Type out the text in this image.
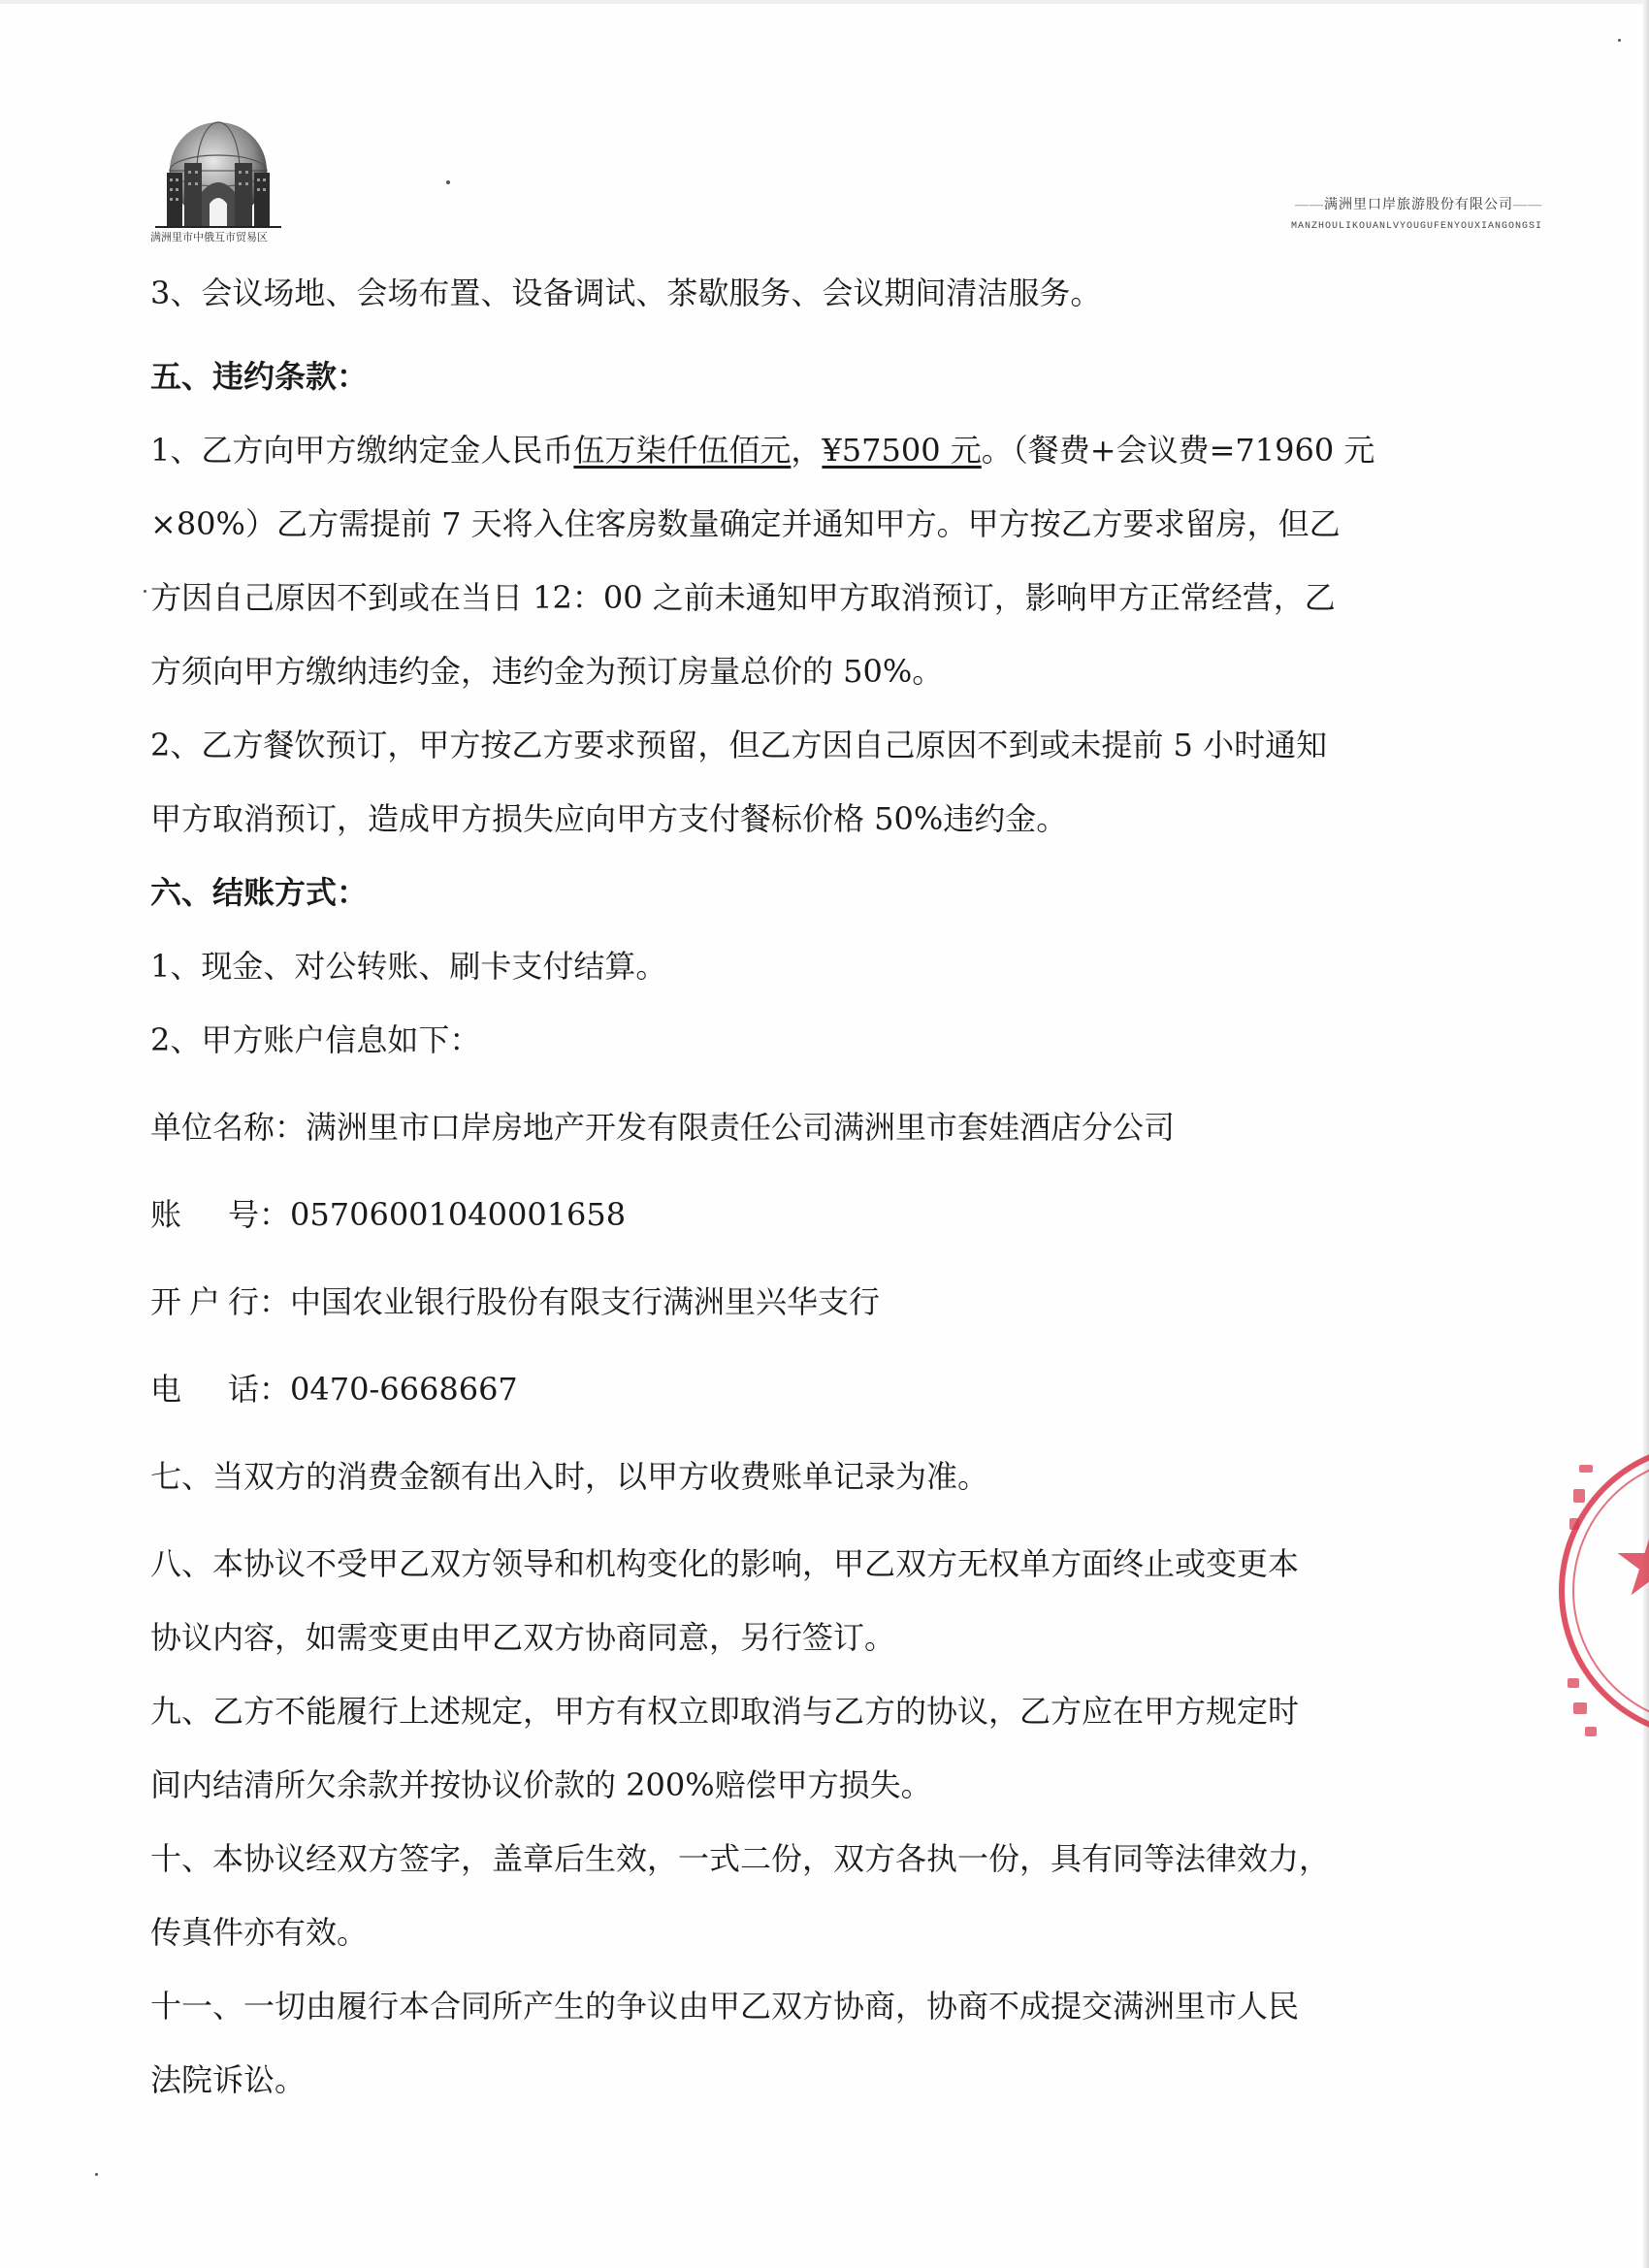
满洲里市中俄互市贸易区
—— 满洲里口岸旅游股份有限公司 ——
MANZHOULIKOUANLVYOUGUFENYOUXIANGONGSI

3、会议场地、会场布置、设备调试、茶歇服务、会议期间清洁服务。

五、违约条款：

1、乙方向甲方缴纳定金人民币伍万柒仟伍佰元，¥57500 元。（餐费+会议费=71960 元

×80%）乙方需提前 7 天将入住客房数量确定并通知甲方。甲方按乙方要求留房，但乙

方因自己原因不到或在当日 12：00 之前未通知甲方取消预订，影响甲方正常经营，乙

方须向甲方缴纳违约金，违约金为预订房量总价的 50%。

2、乙方餐饮预订，甲方按乙方要求预留，但乙方因自己原因不到或未提前 5 小时通知

甲方取消预订，造成甲方损失应向甲方支付餐标价格 50%违约金。

六、结账方式：

1、现金、对公转账、刷卡支付结算。

2、甲方账户信息如下：

单位名称： 满洲里市口岸房地产开发有限责任公司满洲里市套娃酒店分公司
账	号： 05706001040001658
开 户 行： 中国农业银行股份有限支行满洲里兴华支行
电	话： 0470-6668667

七、当双方的消费金额有出入时，以甲方收费账单记录为准。

八、本协议不受甲乙双方领导和机构变化的影响，甲乙双方无权单方面终止或变更本

协议内容，如需变更由甲乙双方协商同意，另行签订。

九、乙方不能履行上述规定，甲方有权立即取消与乙方的协议，乙方应在甲方规定时

间内结清所欠余款并按协议价款的 200%赔偿甲方损失。

十、本协议经双方签字，盖章后生效，一式二份，双方各执一份，具有同等法律效力，

传真件亦有效。

十一、一切由履行本合同所产生的争议由甲乙双方协商，协商不成提交满洲里市人民

法院诉讼。
